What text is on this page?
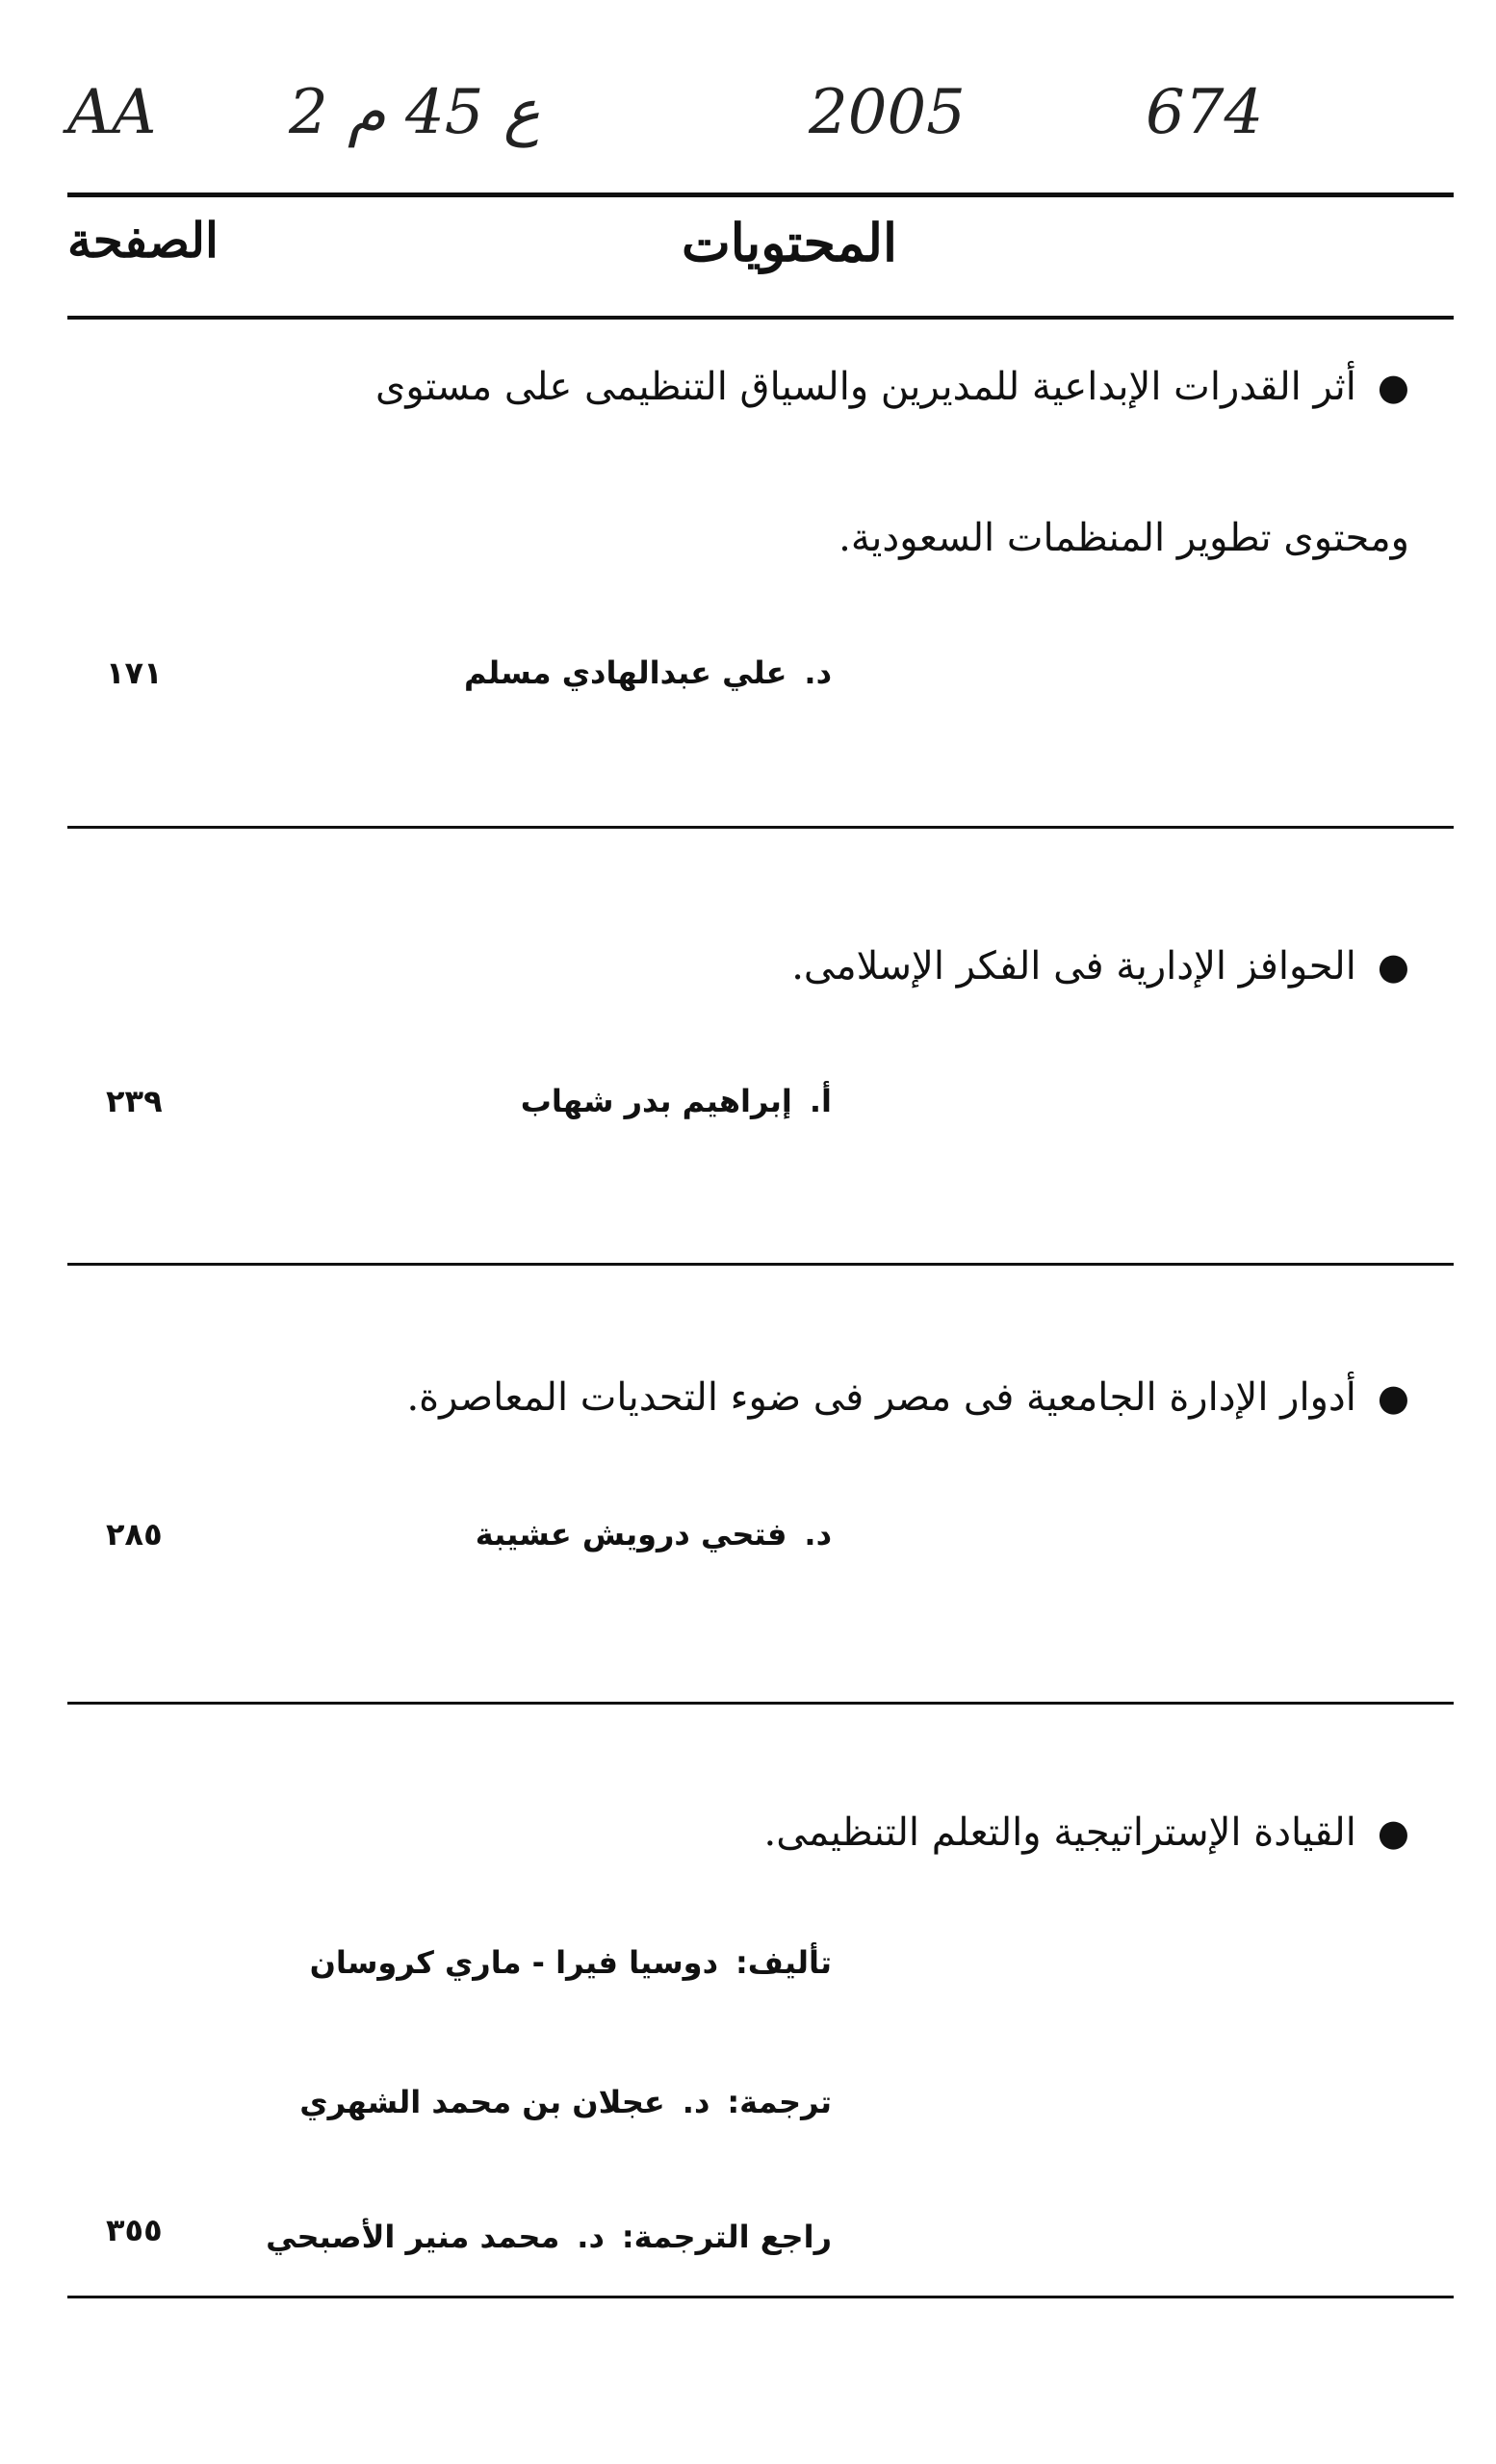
AA 2 ع 45 م	2005	674
المحتويات
الصفحة
●أثر القدرات الإبداعية للمديرين والسياق التنظيمى على مستوى
ومحتوى تطوير المنظمات السعودية.
د.علي عبدالهادي مسلم
١٧١
●الحوافز الإدارية فى الفكر الإسلامى.
أ.إبراهيم بدر شهاب
٢٣٩
●أدوار الإدارة الجامعية فى مصر فى ضوء التحديات المعاصرة.
د.فتحي درويش عشيبة
٢٨٥
●القيادة الإستراتيجية والتعلم التنظيمى.
تأليف:دوسيا فيرا - ماري كروسان
ترجمة:د.عجلان بن محمد الشهري
راجع الترجمة:د.محمد منير الأصبحي
٣٥٥
